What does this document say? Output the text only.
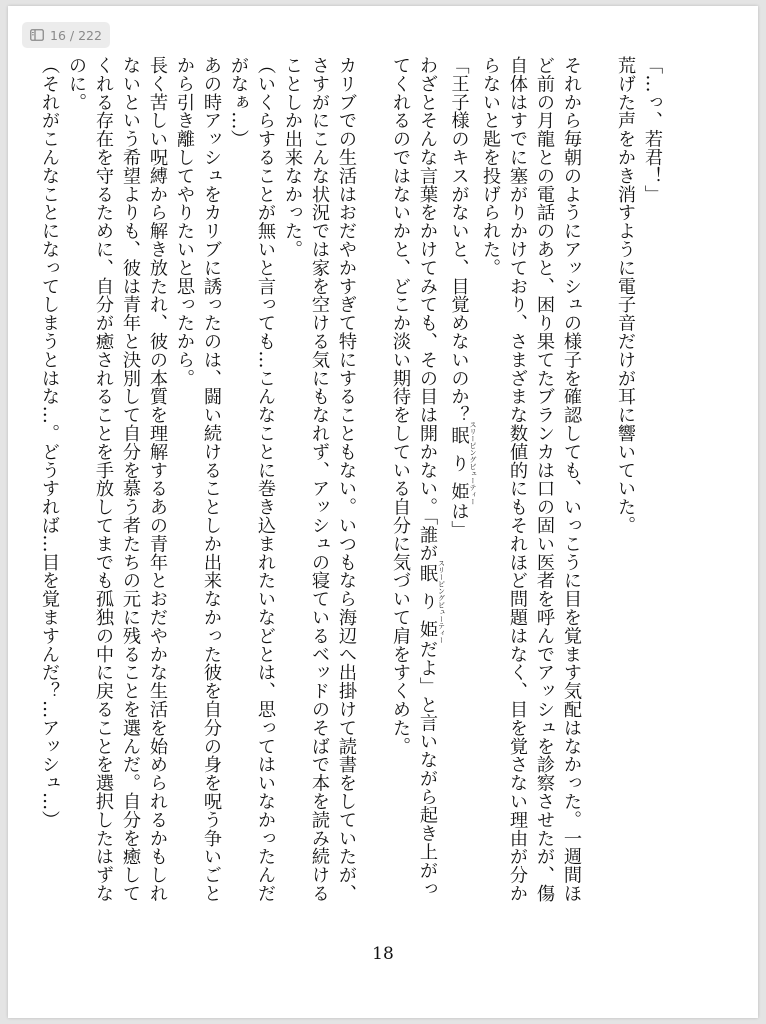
16 / 222

「…っ、若君！」

荒げた声をかき消すように電子音だけが耳に響いていた。

それから毎朝のようにアッシュの様子を確認しても、いっこうに目を覚ます気配はなかった。一週間ほど前の月龍との電話のあと、困り果てたブランカは口の固い医者を呼んでアッシュを診察させたが、傷自体はすでに塞がりかけており、さまざまな数値的にもそれほど問題はなく、目を覚さない理由が分からないと匙を投げられた。

「王子様のキスがないと、目覚めないのか？眠り姫 スリーピングビューティーは」

わざとそんな言葉をかけてみても、その目は開かない。「誰が眠り姫 スリーピングビューティーだよ」と言いながら起き上がってくれるのではないかと、どこか淡い期待をしている自分に気づいて肩をすくめた。

カリブでの生活はおだやかすぎて特にすることもない。いつもなら海辺へ出掛けて読書をしていたが、さすがにこんな状況では家を空ける気にもなれず、アッシュの寝ているベッドのそばで本を読み続けることしか出来なかった。

（いくらすることが無いと言っても…こんなことに巻き込まれたいなどとは、思ってはいなかったんだがなぁ…）

あの時アッシュをカリブに誘ったのは、闘い続けることしか出来なかった彼を自分の身を呪う争いごとから引き離してやりたいと思ったから。

長く苦しい呪縛から解き放たれ、彼の本質を理解するあの青年とおだやかな生活を始められるかもしれないという希望よりも、彼は青年と決別して自分を慕う者たちの元に残ることを選んだ。自分を癒してくれる存在を守るために、自分が癒されることを手放してまでも孤独の中に戻ることを選択したはずなのに。

（それがこんなことになってしまうとはな…。どうすれば…目を覚ますんだ？…アッシュ…）

18
